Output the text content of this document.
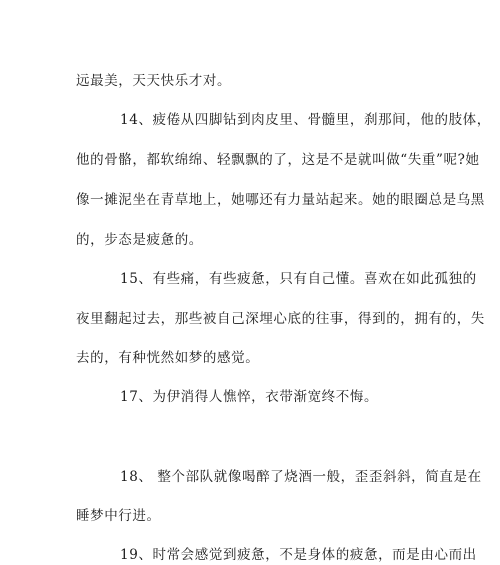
远最美，天天快乐才对。
14、疲倦从四脚钻到肉皮里、骨髓里，刹那间，他的肢体，
他的骨骼，都软绵绵、轻飘飘的了，这是不是就叫做“失重”呢?她
像一摊泥坐在青草地上，她哪还有力量站起来。她的眼圈总是乌黑
的，步态是疲惫的。
15、有些痛，有些疲惫，只有自己懂。喜欢在如此孤独的
夜里翻起过去，那些被自己深埋心底的往事，得到的，拥有的，失
去的，有种恍然如梦的感觉。
17、为伊消得人憔悴，衣带渐宽终不悔。
18、 整个部队就像喝醉了烧酒一般，歪歪斜斜，简直是在
睡梦中行进。
19、时常会感觉到疲惫，不是身体的疲惫，而是由心而出
